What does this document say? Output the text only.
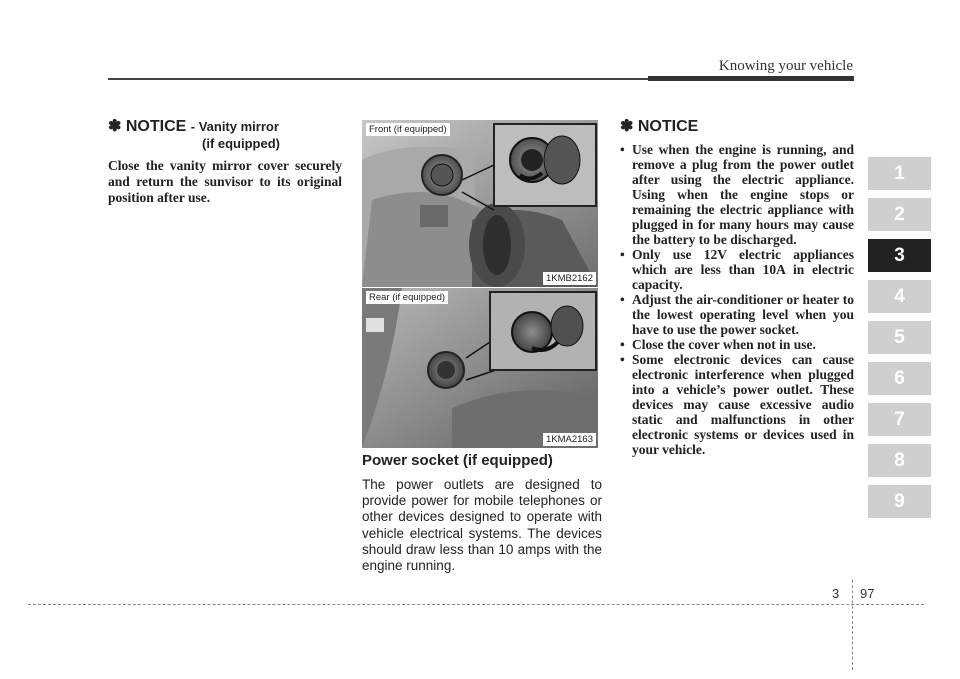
Knowing your vehicle
1
2
3
4
5
6
7
8
9
✽ NOTICE - Vanity mirror
(if equipped)
Close the vanity mirror cover securely and return the sunvisor to its original position after use.
Front (if equipped)
1KMB2162
Rear (if equipped)
1KMA2163
Power socket (if equipped)
The power outlets are designed to provide power for mobile telephones or other devices designed to operate with vehicle electrical systems. The devices should draw less than 10 amps with the engine running.
✽ NOTICE
• Use when the engine is running, and remove a plug from the power outlet after using the electric appliance. Using when the engine stops or remaining the electric appliance with plugged in for many hours may cause the battery to be discharged.
• Only use 12V electric appliances which are less than 10A in electric capacity.
• Adjust the air-conditioner or heater to the lowest operating level when you have to use the power socket.
• Close the cover when not in use.
• Some electronic devices can cause electronic interference when plugged into a vehicle’s power outlet. These devices may cause excessive audio static and malfunctions in other electronic systems or devices used in your vehicle.
3 97
